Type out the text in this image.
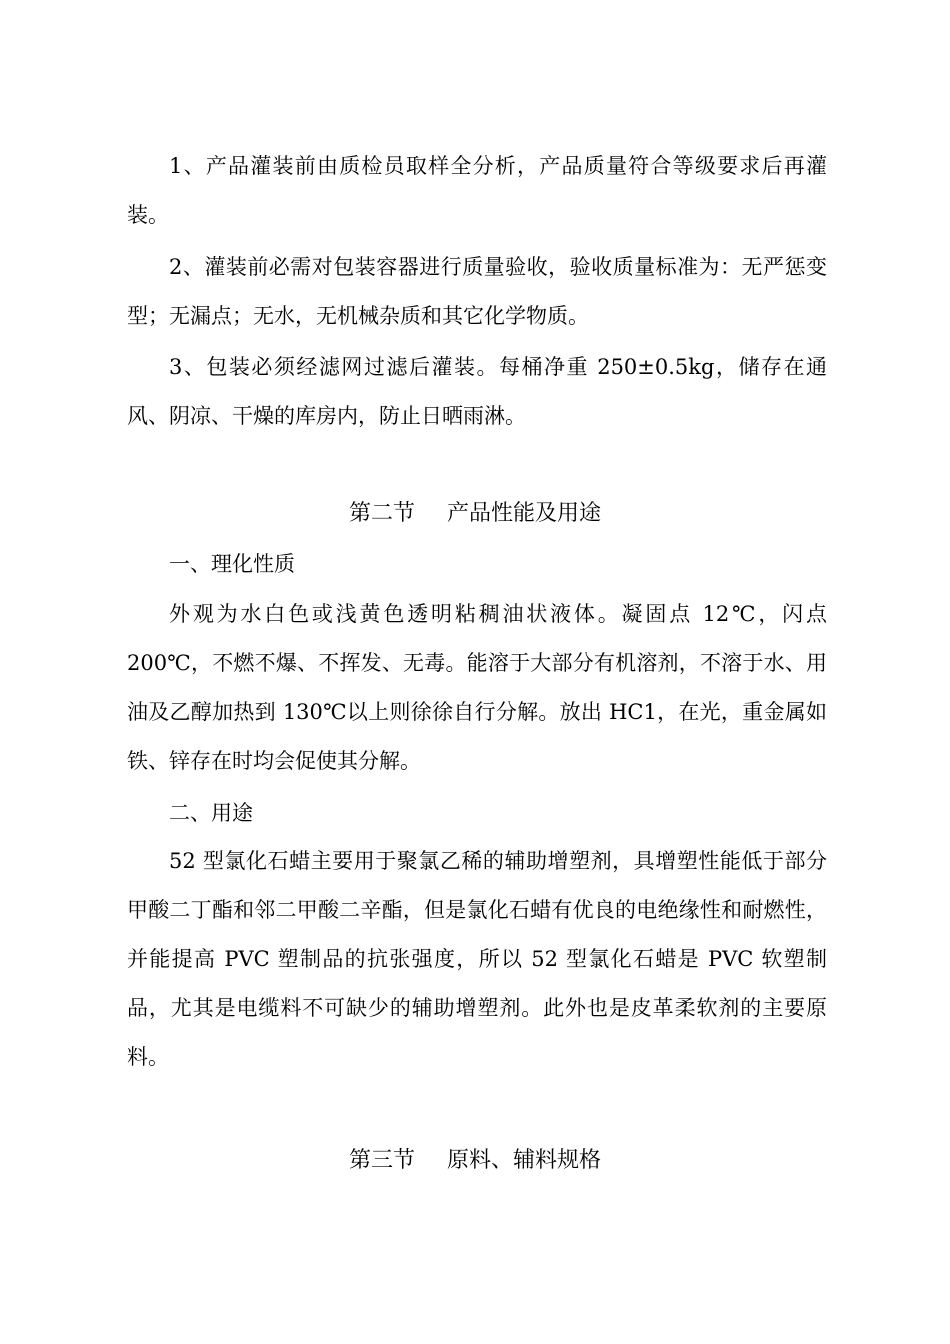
1、产品灌装前由质检员取样全分析，产品质量符合等级要求后再灌装。

2、灌装前必需对包装容器进行质量验收，验收质量标准为：无严惩变型；无漏点；无水，无机械杂质和其它化学物质。

3、包装必须经滤网过滤后灌装。每桶净重 250±0.5kg，储存在通风、阴凉、干燥的库房内，防止日晒雨淋。

第二节 产品性能及用途

一、理化性质

外观为水白色或浅黄色透明粘稠油状液体。凝固点 12℃，闪点200℃，不燃不爆、不挥发、无毒。能溶于大部分有机溶剂，不溶于水、用油及乙醇加热到 130℃以上则徐徐自行分解。放出 HC1，在光，重金属如铁、锌存在时均会促使其分解。

二、用途

52 型氯化石蜡主要用于聚氯乙稀的辅助增塑剂，具增塑性能低于部分甲酸二丁酯和邻二甲酸二辛酯，但是氯化石蜡有优良的电绝缘性和耐燃性，并能提高 PVC 塑制品的抗张强度，所以 52 型氯化石蜡是 PVC 软塑制品，尤其是电缆料不可缺少的辅助增塑剂。此外也是皮革柔软剂的主要原料。

第三节 原料、辅料规格
